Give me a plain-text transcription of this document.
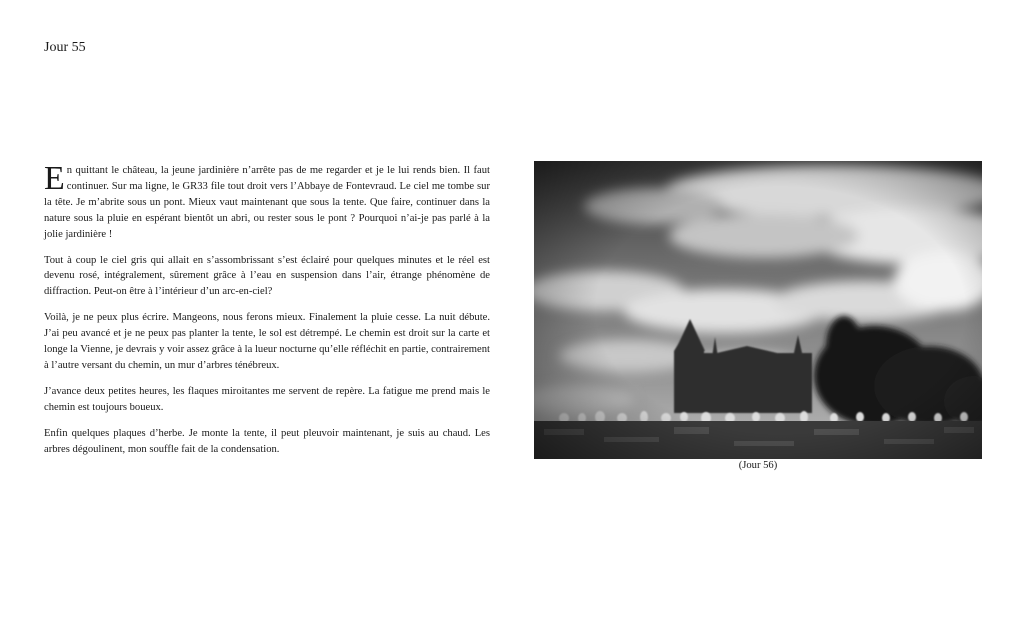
Jour 55

En quittant le château, la jeune jardinière n’arrête pas de me regarder et je le lui rends bien. Il faut continuer. Sur ma ligne, le GR33 file tout droit vers l’Abbaye de Fontevraud. Le ciel me tombe sur la tête. Je m’abrite sous un pont. Mieux vaut maintenant que sous la tente. Que faire, continuer dans la nature sous la pluie en espérant bientôt un abri, ou rester sous le pont ? Pourquoi n’ai-je pas parlé à la jolie jardinière !

Tout à coup le ciel gris qui allait en s’assombrissant s’est éclairé pour quelques minutes et le réel est devenu rosé, intégralement, sûrement grâce à l’eau en suspension dans l’air, étrange phénomène de diffraction. Peut-on être à l’intérieur d’un arc-en-ciel?

Voilà, je ne peux plus écrire. Mangeons, nous ferons mieux. Finalement la pluie cesse. La nuit débute. J’ai peu avancé et je ne peux pas planter la tente, le sol est détrempé. Le chemin est droit sur la carte et longe la Vienne, je devrais y voir assez grâce à la lueur nocturne qu’elle réfléchit en partie, contrairement à l’autre versant du chemin, un mur d’arbres ténébreux.

J’avance deux petites heures, les flaques miroitantes me servent de repère. La fatigue me prend mais le chemin est toujours boueux.

Enfin quelques plaques d’herbe. Je monte la tente, il peut pleuvoir maintenant, je suis au chaud. Les arbres dégoulinent, mon souffle fait de la condensation.

(Jour 56)
